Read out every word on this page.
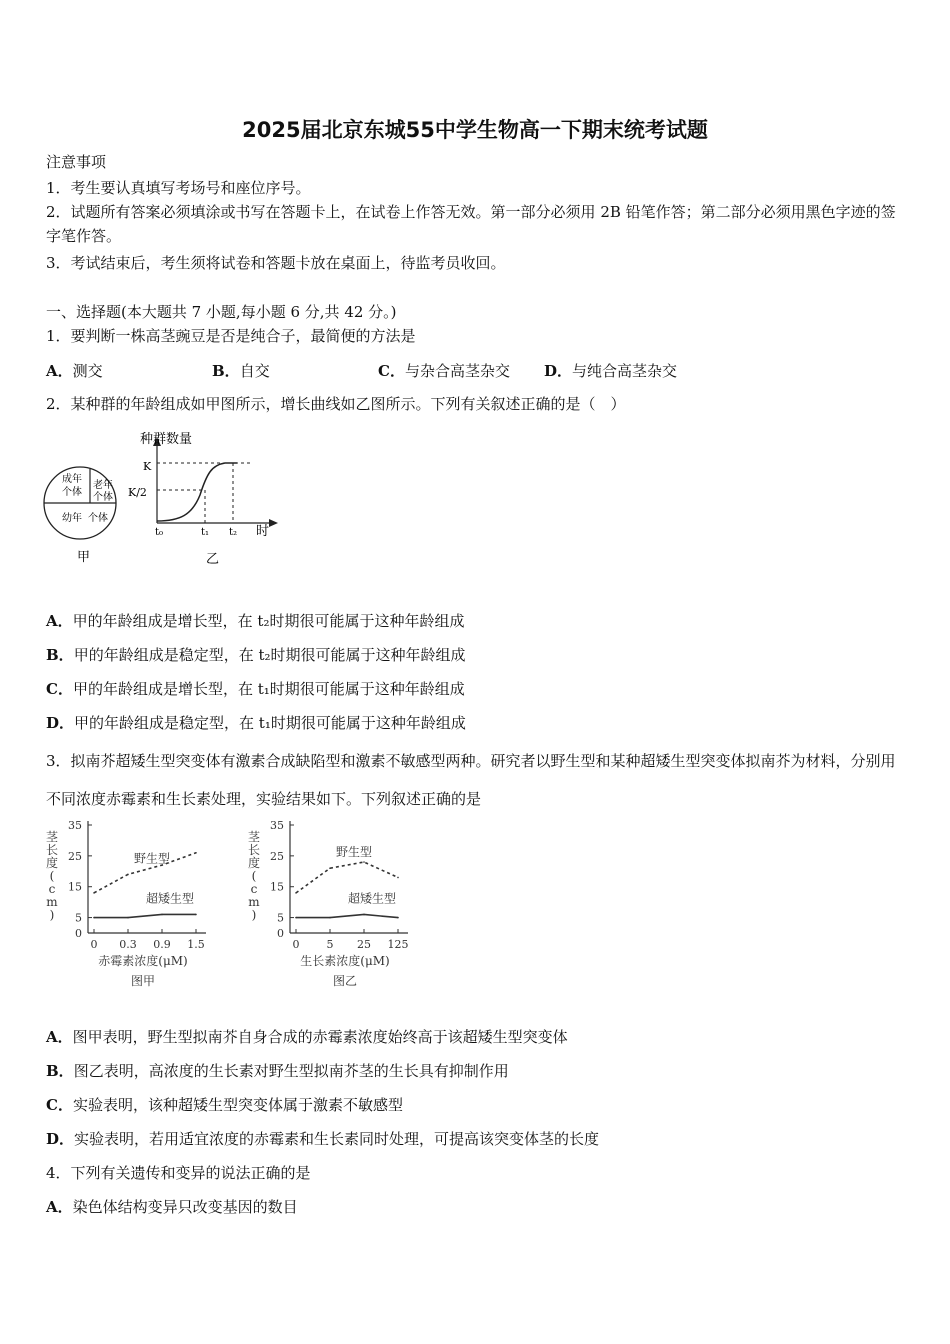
2025届北京东城55中学生物高一下期末统考试题
注意事项
1．考生要认真填写考场号和座位序号。
2．试题所有答案必须填涂或书写在答题卡上，在试卷上作答无效。第一部分必须用 2B 铅笔作答；第二部分必须用黑色字迹的签字笔作答。
3．考试结束后，考生须将试卷和答题卡放在桌面上，待监考员收回。
一、选择题(本大题共 7 小题,每小题 6 分,共 42 分。)
1．要判断一株高茎豌豆是否是纯合子，最简便的方法是
A．测交	B．自交	C．与杂合高茎杂交 D．与纯合高茎杂交
2．某种群的年龄组成如甲图所示，增长曲线如乙图所示。下列有关叙述正确的是（　）
成年
个体
老年
个体
幼年 个体
甲
种群数量
K
K/2
t₀	t₁ t₂ 时
乙
A．甲的年龄组成是增长型，在 t₂时期很可能属于这种年龄组成
B．甲的年龄组成是稳定型，在 t₂时期很可能属于这种年龄组成
C．甲的年龄组成是增长型，在 t₁时期很可能属于这种年龄组成
D．甲的年龄组成是稳定型，在 t₁时期很可能属于这种年龄组成
3．拟南芥超矮生型突变体有激素合成缺陷型和激素不敏感型两种。研究者以野生型和某种超矮生型突变体拟南芥为材料，分别用不同浓度赤霉素和生长素处理，实验结果如下。下列叙述正确的是
0
5
15
25
35
0 0.3 0.9 1.5
茎
长
度
(
c
m
)
野生型
超矮生型
赤霉素浓度(μM)
图甲
0
5
15
25
35
0 5 25 125
茎
长
度
(
c
m
)
野生型
超矮生型
生长素浓度(μM)
图乙
A．图甲表明，野生型拟南芥自身合成的赤霉素浓度始终高于该超矮生型突变体
B．图乙表明，高浓度的生长素对野生型拟南芥茎的生长具有抑制作用
C．实验表明，该种超矮生型突变体属于激素不敏感型
D．实验表明，若用适宜浓度的赤霉素和生长素同时处理，可提高该突变体茎的长度
4．下列有关遗传和变异的说法正确的是
A．染色体结构变异只改变基因的数目
